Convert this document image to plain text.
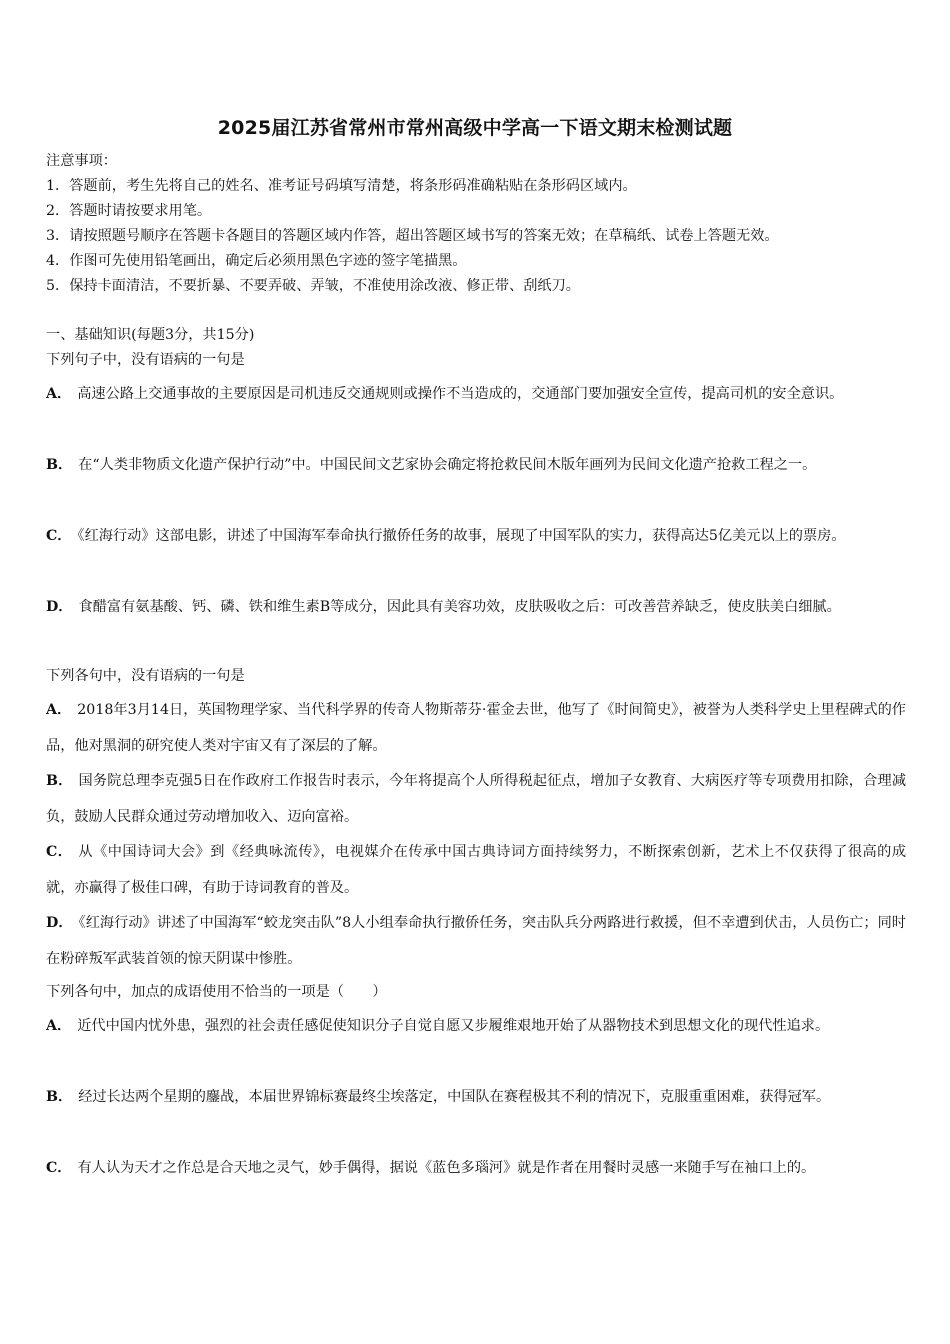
2025届江苏省常州市常州高级中学高一下语文期末检测试题
注意事项：
1．答题前，考生先将自己的姓名、准考证号码填写清楚，将条形码准确粘贴在条形码区域内。
2．答题时请按要求用笔。
3．请按照题号顺序在答题卡各题目的答题区域内作答，超出答题区域书写的答案无效；在草稿纸、试卷上答题无效。
4．作图可先使用铅笔画出，确定后必须用黑色字迹的签字笔描黑。
5．保持卡面清洁，不要折暴、不要弄破、弄皱，不准使用涂改液、修正带、刮纸刀。
一、基础知识(每题3分，共15分)
下列句子中，没有语病的一句是
A． 高速公路上交通事故的主要原因是司机违反交通规则或操作不当造成的，交通部门要加强安全宣传，提高司机的安全意识。
B． 在“人类非物质文化遗产保护行动”中。中国民间文艺家协会确定将抢救民间木版年画列为民间文化遗产抢救工程之一。
C． 《红海行动》这部电影，讲述了中国海军奉命执行撤侨任务的故事，展现了中国军队的实力，获得高达5亿美元以上的票房。
D． 食醋富有氨基酸、钙、磷、铁和维生素B等成分，因此具有美容功效，皮肤吸收之后：可改善营养缺乏，使皮肤美白细腻。
下列各句中，没有语病的一句是
A． 2018年3月14日，英国物理学家、当代科学界的传奇人物斯蒂芬·霍金去世，他写了《时间简史》，被誉为人类科学史上里程碑式的作品，他对黑洞的研究使人类对宇宙又有了深层的了解。
B． 国务院总理李克强5日在作政府工作报告时表示，今年将提高个人所得税起征点，增加子女教育、大病医疗等专项费用扣除，合理减负，鼓励人民群众通过劳动增加收入、迈向富裕。
C． 从《中国诗词大会》到《经典咏流传》，电视媒介在传承中国古典诗词方面持续努力，不断探索创新，艺术上不仅获得了很高的成就，亦赢得了极佳口碑，有助于诗词教育的普及。
D． 《红海行动》讲述了中国海军“蛟龙突击队”8人小组奉命执行撤侨任务，突击队兵分两路进行救援，但不幸遭到伏击，人员伤亡；同时在粉碎叛军武装首领的惊天阴谋中惨胜。
下列各句中，加点的成语使用不恰当的一项是（　　）
A． 近代中国内忧外患，强烈的社会责任感促使知识分子自觉自愿又步履维艰地开始了从器物技术到思想文化的现代性追求。
B． 经过长达两个星期的鏖战，本届世界锦标赛最终尘埃落定，中国队在赛程极其不利的情况下，克服重重困难，获得冠军。
C． 有人认为天才之作总是合天地之灵气，妙手偶得，据说《蓝色多瑙河》就是作者在用餐时灵感一来随手写在袖口上的。
